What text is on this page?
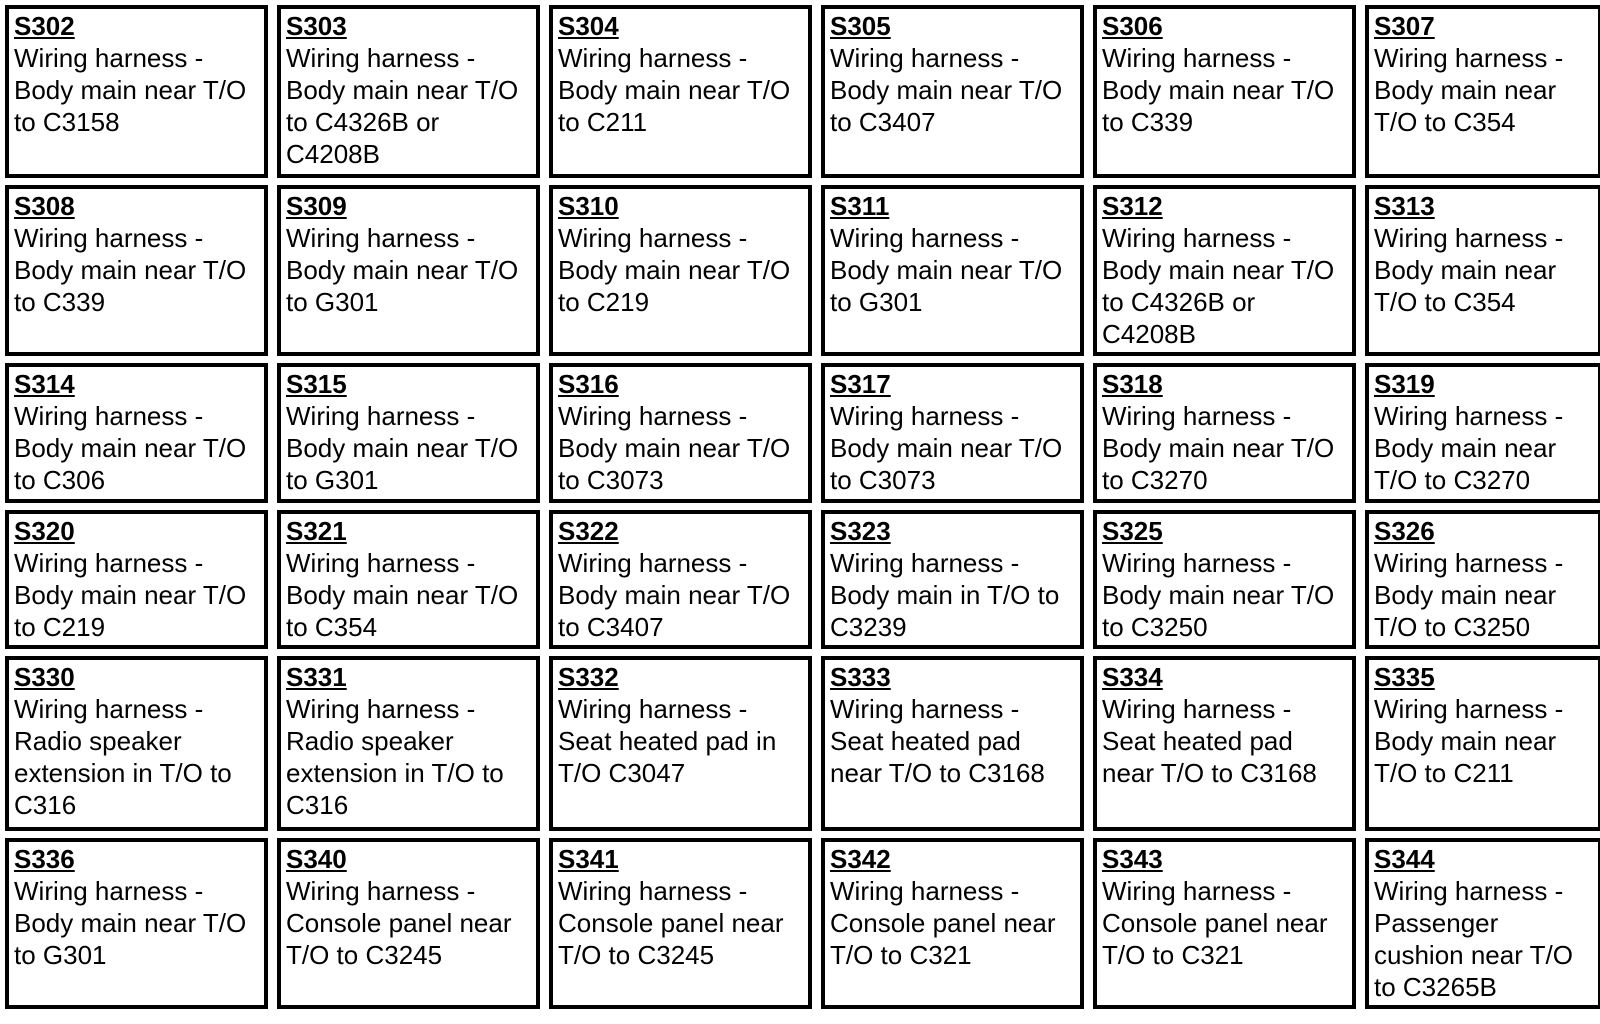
S302
Wiring harness - Body main near T/O to C3158
S303
Wiring harness - Body main near T/O to C4326B or C4208B
S304
Wiring harness - Body main near T/O to C211
S305
Wiring harness - Body main near T/O to C3407
S306
Wiring harness - Body main near T/O to C339
S307
Wiring harness - Body main near T/O to C354
S308
Wiring harness - Body main near T/O to C339
S309
Wiring harness - Body main near T/O to G301
S310
Wiring harness - Body main near T/O to C219
S311
Wiring harness - Body main near T/O to G301
S312
Wiring harness - Body main near T/O to C4326B or C4208B
S313
Wiring harness - Body main near T/O to C354
S314
Wiring harness - Body main near T/O to C306
S315
Wiring harness - Body main near T/O to G301
S316
Wiring harness - Body main near T/O to C3073
S317
Wiring harness - Body main near T/O to C3073
S318
Wiring harness - Body main near T/O to C3270
S319
Wiring harness - Body main near T/O to C3270
S320
Wiring harness - Body main near T/O to C219
S321
Wiring harness - Body main near T/O to C354
S322
Wiring harness - Body main near T/O to C3407
S323
Wiring harness - Body main in T/O to C3239
S325
Wiring harness - Body main near T/O to C3250
S326
Wiring harness - Body main near T/O to C3250
S330
Wiring harness - Radio speaker extension in T/O to C316
S331
Wiring harness - Radio speaker extension in T/O to C316
S332
Wiring harness - Seat heated pad in T/O C3047
S333
Wiring harness - Seat heated pad near T/O to C3168
S334
Wiring harness - Seat heated pad near T/O to C3168
S335
Wiring harness - Body main near T/O to C211
S336
Wiring harness - Body main near T/O to G301
S340
Wiring harness - Console panel near T/O to C3245
S341
Wiring harness - Console panel near T/O to C3245
S342
Wiring harness - Console panel near T/O to C321
S343
Wiring harness - Console panel near T/O to C321
S344
Wiring harness - Passenger cushion near T/O to C3265B
